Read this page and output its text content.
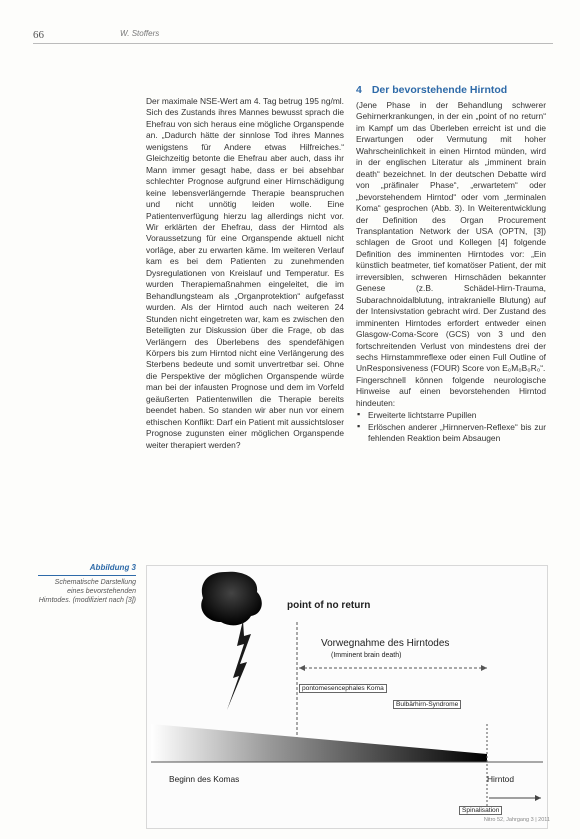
66	W. Stoffers

Der maximale NSE-Wert am 4. Tag betrug 195 ng/ml. Sich des Zustands ihres Mannes bewusst sprach die Ehefrau von sich heraus eine mögliche Organspende an. „Dadurch hätte der sinnlose Tod ihres Mannes wenigstens für Andere etwas Hilfreiches.“ Gleichzeitig betonte die Ehefrau aber auch, dass ihr Mann immer gesagt habe, dass er bei absehbar schlechter Prognose aufgrund einer Hirnschädigung keine lebensverlängernde Therapie beanspruchen und nicht unnötig leiden wolle. Eine Patientenverfügung hierzu lag allerdings nicht vor. Wir erklärten der Ehefrau, dass der Hirntod als Voraussetzung für eine Organspende aktuell nicht vorläge, aber zu erwarten käme. Im weiteren Verlauf kam es bei dem Patienten zu zunehmenden Dysregulationen von Kreislauf und Temperatur. Es wurden Therapiemaßnahmen eingeleitet, die im Behandlungsteam als „Organprotektion“ aufgefasst wurden. Als der Hirntod auch nach weiteren 24 Stunden nicht eingetreten war, kam es zwischen den Beteiligten zur Diskussion über die Frage, ob das Verlängern des Überlebens des spendefähigen Körpers bis zum Hirntod nicht eine Verlängerung des Sterbens bedeute und somit unvertretbar sei. Ohne die Perspektive der möglichen Organspende würde man bei der infausten Prognose und dem im Vorfeld geäußerten Patientenwillen die Therapie bereits beendet haben. So standen wir aber nun vor einem ethischen Konflikt: Darf ein Patient mit aussichtsloser Prognose zugunsten einer möglichen Organspende weiter therapiert werden?

4 Der bevorstehende Hirntod

(Jene Phase in der Behandlung schwerer Gehirnerkrankungen, in der ein „point of no return“ im Kampf um das Überleben erreicht ist und die Erwartungen oder Vermutung mit hoher Wahrscheinlichkeit in einen Hirntod münden, wird in der englischen Literatur als „imminent brain death“ bezeichnet. In der deutschen Debatte wird von „präfinaler Phase“, „erwartetem“ oder „bevorstehendem Hirntod“ oder vom „terminalen Koma“ gesprochen (Abb. 3). In Weiterentwicklung der Definition des Organ Procurement Transplantation Network der USA (OPTN, [3]) schlagen de Groot und Kollegen [4] folgende Definition des imminenten Hirntodes vor: „Ein künstlich beatmeter, tief komatöser Patient, der mit irreversiblen, schweren Hirnschäden bekannter Genese (z.B. Schädel-Hirn-Trauma, Subarachnoidalblutung, intrakranielle Blutung) auf der Intensivstation gebracht wird. Der Zustand des imminenten Hirntodes erfordert entweder einen Glasgow-Coma-Score (GCS) von 3 und den fortschreitenden Verlust von mindestens drei der sechs Hirnstammreflexe oder einen Full Outline of UnResponsiveness (FOUR) Score von E₀M₀B₀R₀“.

Fingerschnell können folgende neurologische Hinweise auf einen bevorstehenden Hirntod hindeuten:

▪ Erweiterte lichtstarre Pupillen
▪ Erlöschen anderer „Hirnnerven-Reflexe“ bis zur fehlenden Reaktion beim Absaugen
Abbildung 3
Schematische Darstellung eines bevorstehenden Hirntodes. (modifiziert nach [3])	point of no return
Vorwegnahme des Hirntodes
(Imminent brain death)
pontomesencephales Koma
Bulbärhirn-Syndrome
Beginn des Komas	Hirntod
Spinalisation
Nitro 52, Jahrgang 3 | 2011
